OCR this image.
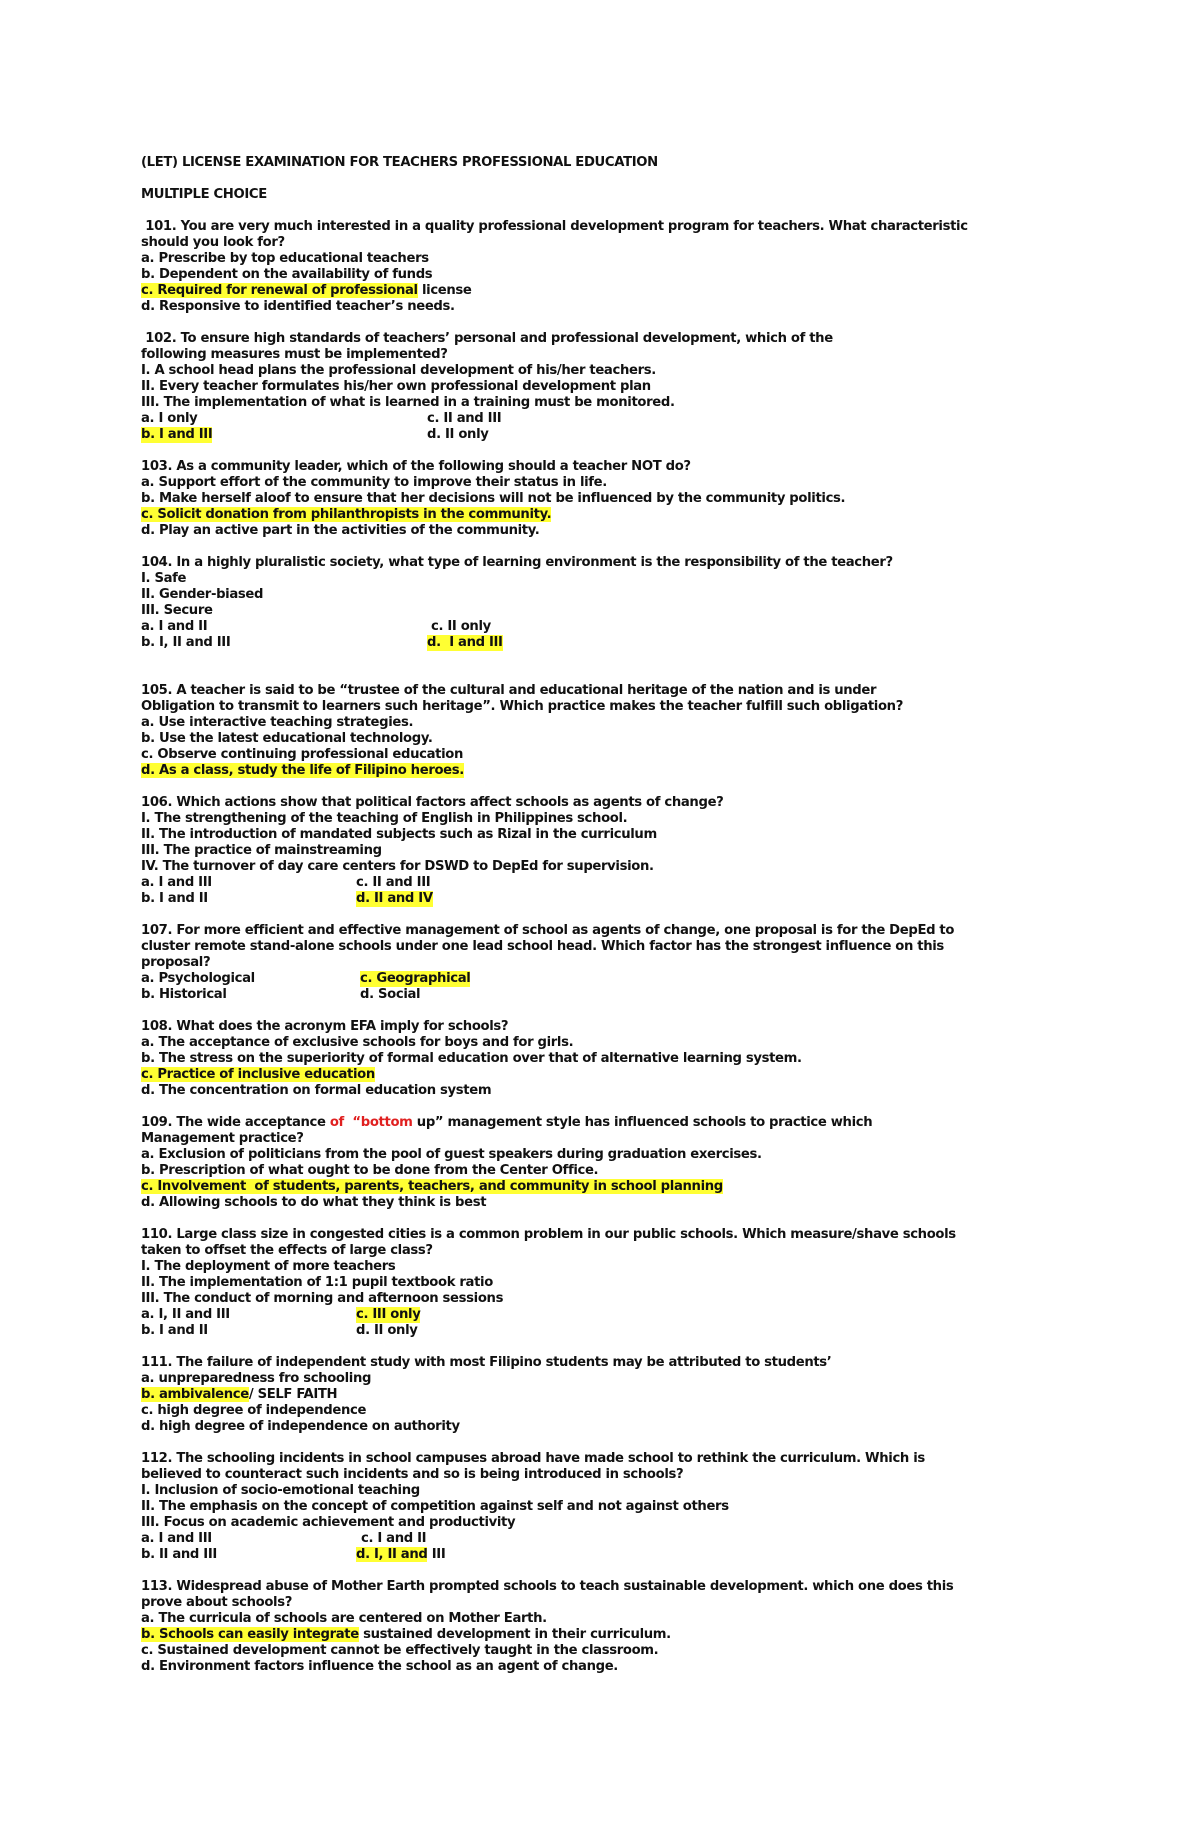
(LET) LICENSE EXAMINATION FOR TEACHERS PROFESSIONAL EDUCATION
MULTIPLE CHOICE
101. You are very much interested in a quality professional development program for teachers. What characteristic
should you look for?
a. Prescribe by top educational teachers
b. Dependent on the availability of funds
c. Required for renewal of professional license
d. Responsive to identified teacher’s needs.
102. To ensure high standards of teachers’ personal and professional development, which of the
following measures must be implemented?
I. A school head plans the professional development of his/her teachers.
II. Every teacher formulates his/her own professional development plan
III. The implementation of what is learned in a training must be monitored.
a. I only	c. II and III
b. I and III	d. II only
103. As a community leader, which of the following should a teacher NOT do?
a. Support effort of the community to improve their status in life.
b. Make herself aloof to ensure that her decisions will not be influenced by the community politics.
c. Solicit donation from philanthropists in the community.
d. Play an active part in the activities of the community.
104. In a highly pluralistic society, what type of learning environment is the responsibility of the teacher?
I. Safe
II. Gender-biased
III. Secure
a. I and II	c. II only
b. I, II and III	d.  I and III
105. A teacher is said to be “trustee of the cultural and educational heritage of the nation and is under
Obligation to transmit to learners such heritage”. Which practice makes the teacher fulfill such obligation?
a. Use interactive teaching strategies.
b. Use the latest educational technology.
c. Observe continuing professional education
d. As a class, study the life of Filipino heroes.
106. Which actions show that political factors affect schools as agents of change?
I. The strengthening of the teaching of English in Philippines school.
II. The introduction of mandated subjects such as Rizal in the curriculum
III. The practice of mainstreaming
IV. The turnover of day care centers for DSWD to DepEd for supervision.
a. I and III	c. II and III
b. I and II	d. II and IV
107. For more efficient and effective management of school as agents of change, one proposal is for the DepEd to
cluster remote stand-alone schools under one lead school head. Which factor has the strongest influence on this
proposal?
a. Psychological	c. Geographical
b. Historical	d. Social
108. What does the acronym EFA imply for schools?
a. The acceptance of exclusive schools for boys and for girls.
b. The stress on the superiority of formal education over that of alternative learning system.
c. Practice of inclusive education
d. The concentration on formal education system
109. The wide acceptance of  “bottom up” management style has influenced schools to practice which
Management practice?
a. Exclusion of politicians from the pool of guest speakers during graduation exercises.
b. Prescription of what ought to be done from the Center Office.
c. Involvement  of students, parents, teachers, and community in school planning
d. Allowing schools to do what they think is best
110. Large class size in congested cities is a common problem in our public schools. Which measure/shave schools
taken to offset the effects of large class?
I. The deployment of more teachers
II. The implementation of 1:1 pupil textbook ratio
III. The conduct of morning and afternoon sessions
a. I, II and III	c. III only
b. I and II	d. II only
111. The failure of independent study with most Filipino students may be attributed to students’
a. unpreparedness fro schooling
b. ambivalence/ SELF FAITH
c. high degree of independence
d. high degree of independence on authority
112. The schooling incidents in school campuses abroad have made school to rethink the curriculum. Which is
believed to counteract such incidents and so is being introduced in schools?
I. Inclusion of socio-emotional teaching
II. The emphasis on the concept of competition against self and not against others
III. Focus on academic achievement and productivity
a. I and III	c. I and II
b. II and III	d. I, II and III
113. Widespread abuse of Mother Earth prompted schools to teach sustainable development. which one does this
prove about schools?
a. The curricula of schools are centered on Mother Earth.
b. Schools can easily integrate sustained development in their curriculum.
c. Sustained development cannot be effectively taught in the classroom.
d. Environment factors influence the school as an agent of change.
